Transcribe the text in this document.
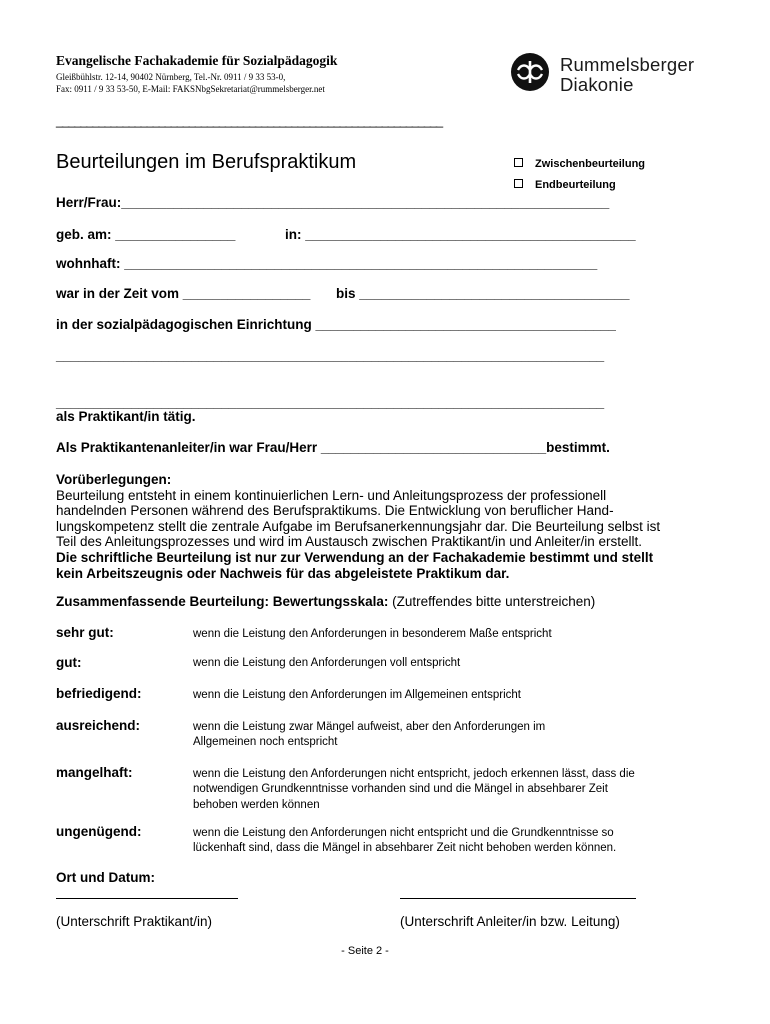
Evangelische Fachakademie für Sozialpädagogik
Gleißbühlstr. 12-14, 90402 Nürnberg, Tel.-Nr. 0911 / 9 33 53-0,
Fax: 0911 / 9 33 53-50, E-Mail: FAKSNbgSekretariat@rummelsberger.net
Rummelsberger
Diakonie
________________________________________________________________
Beurteilungen im Berufspraktikum	Zwischenbeurteilung
Endbeurteilung
Herr/Frau:_________________________________________________________________
geb. am: ________________	in: ____________________________________________
wohnhaft: _______________________________________________________________
war in der Zeit vom _________________ bis ____________________________________
in der sozialpädagogischen Einrichtung ________________________________________
_________________________________________________________________________
_________________________________________________________________________
als Praktikant/in tätig.
Als Praktikantenanleiter/in war Frau/Herr ______________________________bestimmt.
Vorüberlegungen:
Beurteilung entsteht in einem kontinuierlichen Lern- und Anleitungsprozess der professionell
handelnden Personen während des Berufspraktikums. Die Entwicklung von beruflicher Hand-
lungskompetenz stellt die zentrale Aufgabe im Berufsanerkennungsjahr dar. Die Beurteilung selbst ist
Teil des Anleitungsprozesses und wird im Austausch zwischen Praktikant/in und Anleiter/in erstellt.
Die schriftliche Beurteilung ist nur zur Verwendung an der Fachakademie bestimmt und stellt
kein Arbeitszeugnis oder Nachweis für das abgeleistete Praktikum dar.
Zusammenfassende Beurteilung: Bewertungsskala: (Zutreffendes bitte unterstreichen)
sehr gut:	wenn die Leistung den Anforderungen in besonderem Maße entspricht
gut:	wenn die Leistung den Anforderungen voll entspricht
befriedigend:	wenn die Leistung den Anforderungen im Allgemeinen entspricht
ausreichend:	wenn die Leistung zwar Mängel aufweist, aber den Anforderungen im
Allgemeinen noch entspricht
mangelhaft:	wenn die Leistung den Anforderungen nicht entspricht, jedoch erkennen lässt, dass die
notwendigen Grundkenntnisse vorhanden sind und die Mängel in absehbarer Zeit
behoben werden können
ungenügend:	wenn die Leistung den Anforderungen nicht entspricht und die Grundkenntnisse so
lückenhaft sind, dass die Mängel in absehbarer Zeit nicht behoben werden können.
Ort und Datum:
(Unterschrift Praktikant/in)	(Unterschrift Anleiter/in bzw. Leitung)
- Seite 2 -
